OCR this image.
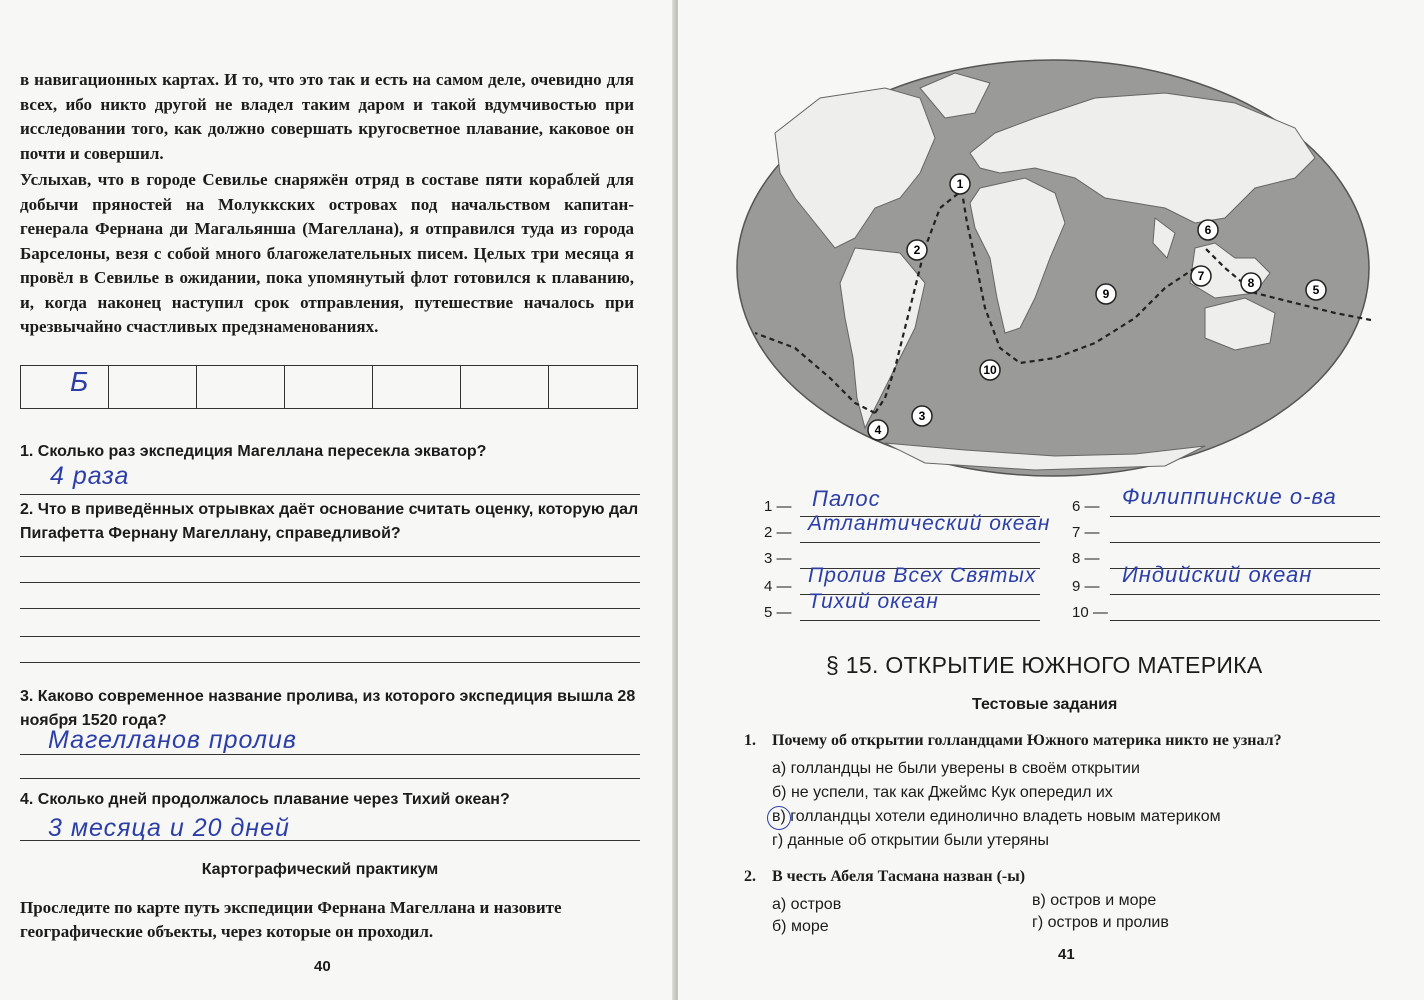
в навигационных картах. И то, что это так и есть на самом деле, очевидно для всех, ибо никто другой не владел таким даром и такой вдумчивостью при исследовании того, как должно совершать кругосветное плавание, каковое он почти и совершил.
Услыхав, что в городе Севилье снаряжён отряд в составе пяти кораблей для добычи пряностей на Молуккских островах под начальством капитан-генерала Фернана ди Магальянша (Магеллана), я отправился туда из города Барселоны, везя с собой много благожелательных писем. Целых три месяца я провёл в Севилье в ожидании, пока упомянутый флот готовился к плаванию, и, когда наконец наступил срок отправления, путешествие началось при чрезвычайно счастливых предзнаменованиях.
Б
1. Сколько раз экспедиция Магеллана пересекла экватор?
4 раза
2. Что в приведённых отрывках даёт основание считать оценку, которую дал Пигафетта Фернану Магеллану, справедливой?
3. Каково современное название пролива, из которого экспедиция вышла 28 ноября 1520 года?
Магелланов пролив
4. Сколько дней продолжалось плавание через Тихий океан?
3 месяца и 20 дней
Картографический практикум
Проследите по карте путь экспедиции Фернана Магеллана и назовите географические объекты, через которые он проходил.
40
1
2
3
4
5
6
7	8
9
10
1 — Палос
2 — Атлантический океан
3 —
4 — Пролив Всех Святых
5 — Тихий океан
6 — Филиппинские о-ва
7 —
8 —
9 — Индийский океан
10 —
§ 15. ОТКРЫТИЕ ЮЖНОГО МАТЕРИКА
Тестовые задания
1. Почему об открытии голландцами Южного материка никто не узнал?
а) голландцы не были уверены в своём открытии
б) не успели, так как Джеймс Кук опередил их
в) голландцы хотели единолично владеть новым материком
г) данные об открытии были утеряны
2. В честь Абеля Тасмана назван (-ы)
а) остров
б) море
в) остров и море
г) остров и пролив
41
